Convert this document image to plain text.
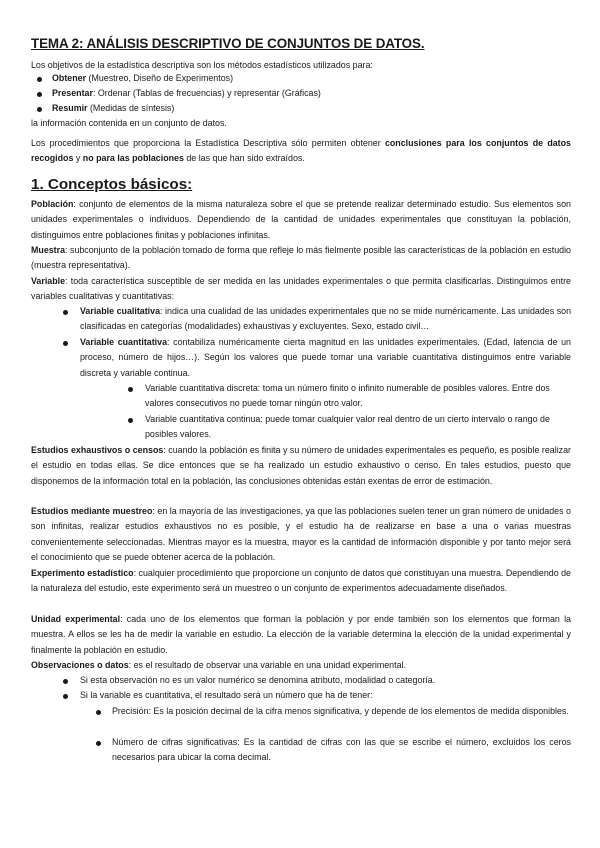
TEMA 2: ANÁLISIS DESCRIPTIVO DE CONJUNTOS DE DATOS.

Los objetivos de la estadística descriptiva son los métodos estadísticos utilizados para:

Obtener (Muestreo, Diseño de Experimentos)

Presentar: Ordenar (Tablas de frecuencias) y representar (Gráficas)

Resumir (Medidas de síntesis)

la información contenida en un conjunto de datos.

Los procedimientos que proporciona la Estadística Descriptiva sólo permiten obtener conclusiones para los conjuntos de datos recogidos y no para las poblaciones de las que han sido extraídos.

1. Conceptos básicos:

Población: conjunto de elementos de la misma naturaleza sobre el que se pretende realizar determinado estudio. Sus elementos son unidades experimentales o individuos. Dependiendo de la cantidad de unidades experimentales que constituyan la población, distinguimos entre poblaciones finitas y poblaciones infinitas.

Muestra: subconjunto de la población tomado de forma que refleje lo más fielmente posible las características de la población en estudio (muestra representativa).

Variable: toda característica susceptible de ser medida en las unidades experimentales o que permita clasificarlas. Distinguimos entre variables cualitativas y cuantitativas:

Variable cualitativa: indica una cualidad de las unidades experimentales que no se mide numéricamente. Las unidades son clasificadas en categorías (modalidades) exhaustivas y excluyentes. Sexo, estado civil…

Variable cuantitativa: contabiliza numéricamente cierta magnitud en las unidades experimentales. (Edad, latencia de un proceso, número de hijos…). Según los valores que puede tomar una variable cuantitativa distinguimos entre variable discreta y variable continua.

Variable cuantitativa discreta: toma un número finito o infinito numerable de posibles valores. Entre dos valores consecutivos no puede tomar ningún otro valor.

Variable cuantitativa continua: puede tomar cualquier valor real dentro de un cierto intervalo o rango de posibles valores.

Estudios exhaustivos o censos: cuando la población es finita y su número de unidades experimentales es pequeño, es posible realizar el estudio en todas ellas. Se dice entonces que se ha realizado un estudio exhaustivo o censo. En tales estudios, puesto que disponemos de la información total en la población, las conclusiones obtenidas están exentas de error de estimación.

Estudios mediante muestreo: en la mayoría de las investigaciones, ya que las poblaciones suelen tener un gran número de unidades o son infinitas, realizar estudios exhaustivos no es posible, y el estudio ha de realizarse en base a una o varias muestras convenientemente seleccionadas. Mientras mayor es la muestra, mayor es la cantidad de información disponible y por tanto mejor será el conocimiento que se puede obtener acerca de la población.

Experimento estadístico: cualquier procedimiento que proporcione un conjunto de datos que constituyan una muestra. Dependiendo de la naturaleza del estudio, este experimento será un muestreo o un conjunto de experimentos adecuadamente diseñados.

Unidad experimental: cada uno de los elementos que forman la población y por ende también son los elementos que forman la muestra. A ellos se les ha de medir la variable en estudio. La elección de la variable determina la elección de la unidad experimental y finalmente la población en estudio.

Observaciones o datos: es el resultado de observar una variable en una unidad experimental.

Si esta observación no es un valor numérico se denomina atributo, modalidad o categoría.

Si la variable es cuantitativa, el resultado será un número que ha de tener:

Precisión: Es la posición decimal de la cifra menos significativa, y depende de los elementos de medida disponibles.

Número de cifras significativas: Es la cantidad de cifras con las que se escribe el número, excluidos los ceros necesarios para ubicar la coma decimal.
